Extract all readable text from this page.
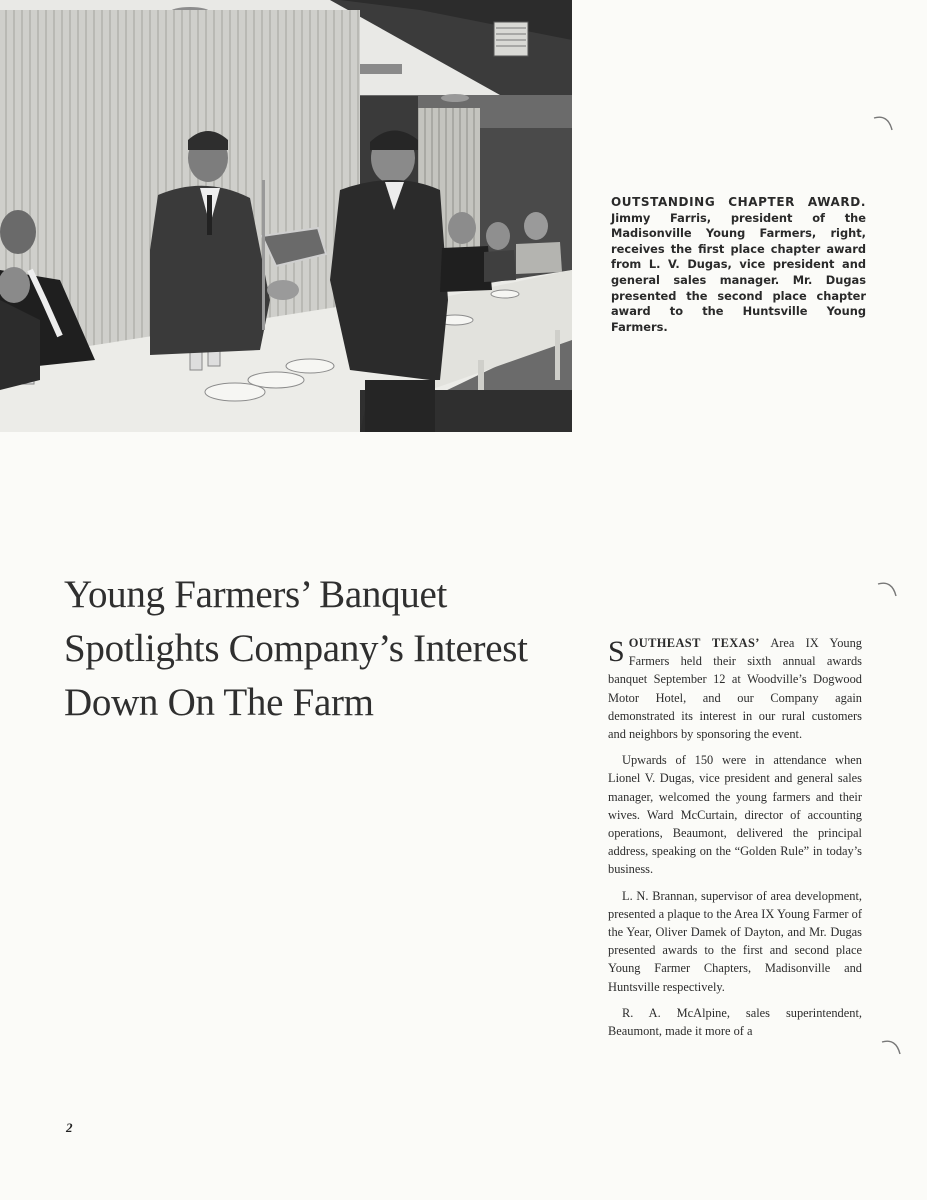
OUTSTANDING CHAPTER AWARD. Jimmy Farris, president of the Madisonville Young Farmers, right, receives the first place chapter award from L. V. Dugas, vice president and general sales manager. Mr. Dugas presented the second place chapter award to the Huntsville Young Farmers.
Young Farmers’ Banquet
Spotlights Company’s Interest
Down On The Farm

SOUTHEAST TEXAS’ Area IX Young Farmers held their sixth annual awards banquet September 12 at Woodville’s Dogwood Motor Hotel, and our Company again demonstrated its interest in our rural customers and neighbors by sponsoring the event.

Upwards of 150 were in attendance when Lionel V. Dugas, vice president and general sales manager, welcomed the young farmers and their wives. Ward McCurtain, director of accounting operations, Beaumont, delivered the principal address, speaking on the “Golden Rule” in today’s business.

L. N. Brannan, supervisor of area development, presented a plaque to the Area IX Young Farmer of the Year, Oliver Damek of Dayton, and Mr. Dugas presented awards to the first and second place Young Farmer Chapters, Madisonville and Huntsville respectively.

R. A. McAlpine, sales superintendent, Beaumont, made it more of a

2
